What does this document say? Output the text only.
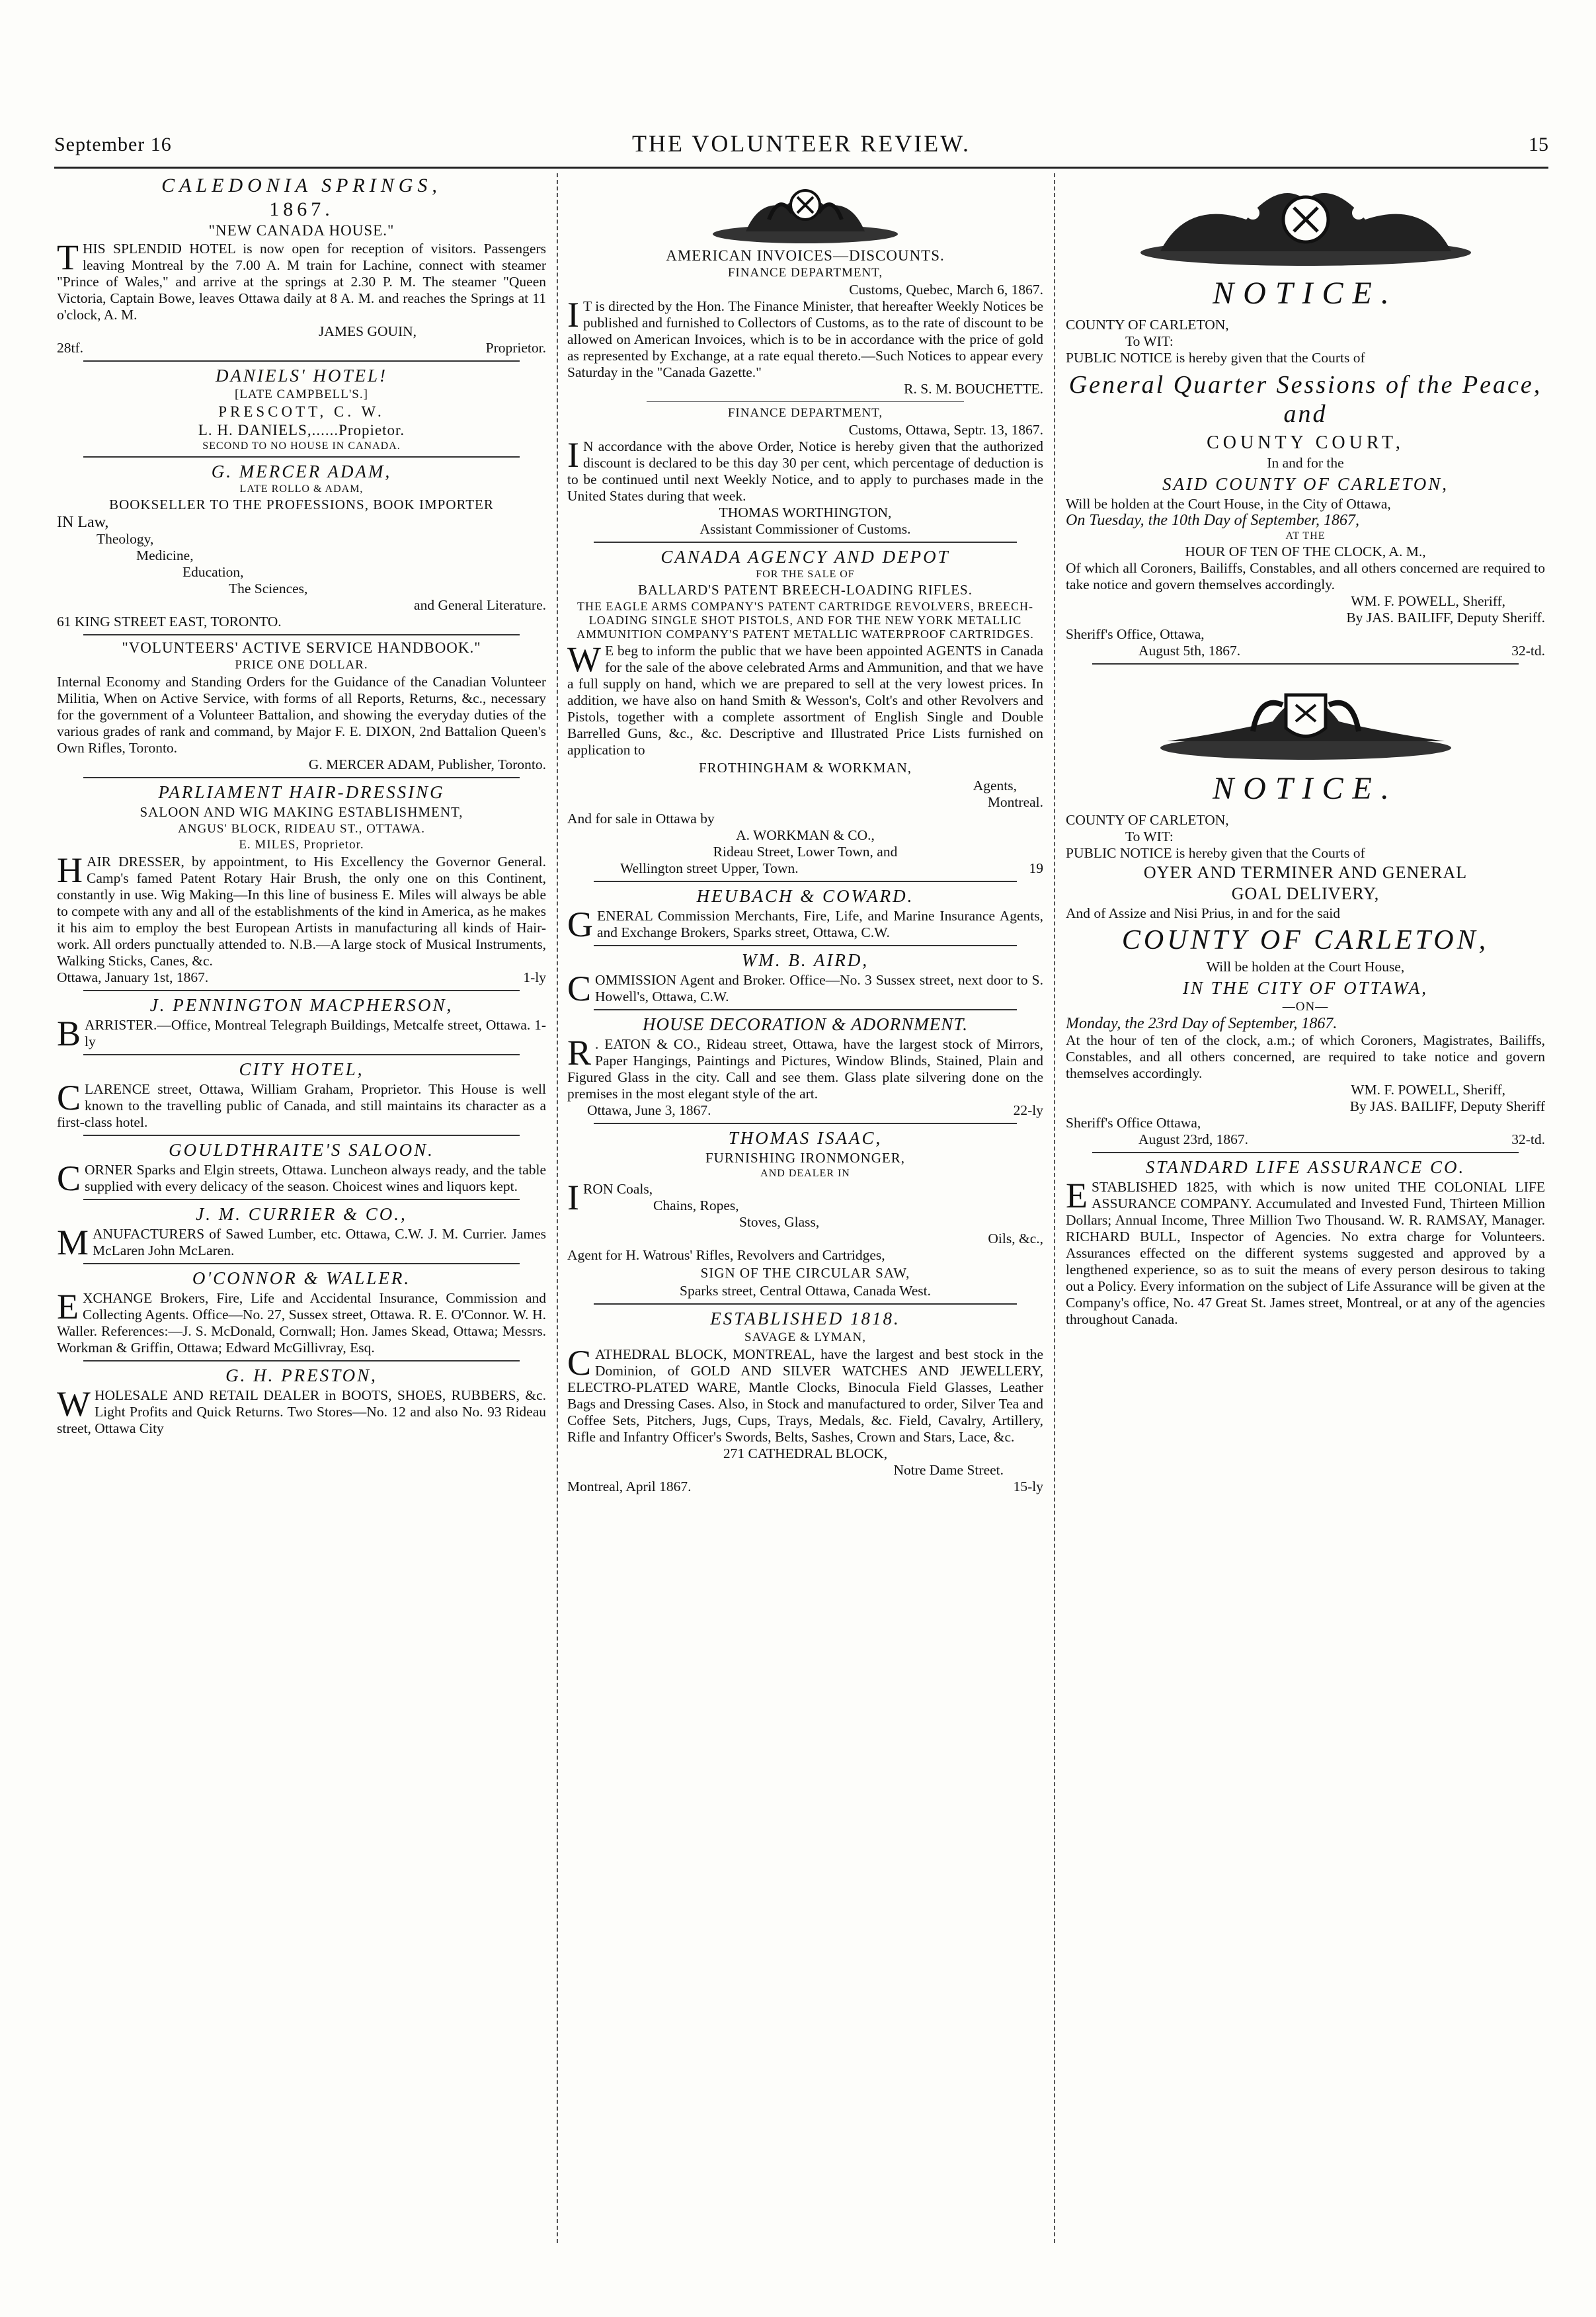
September 16	THE VOLUNTEER REVIEW.	15
CALEDONIA SPRINGS,
1867.
"NEW CANADA HOUSE."

THIS SPLENDID HOTEL is now open for reception of visitors. Passengers leaving Montreal by the 7.00 A. M train for Lachine, connect with steamer "Prince of Wales," and arrive at the springs at 2.30 P. M. The steamer "Queen Victoria, Captain Bowe, leaves Ottawa daily at 8 A. M. and reaches the Springs at 11 o'clock, A. M.

JAMES GOUIN,
28tf.	Proprietor.
DANIELS' HOTEL!
[LATE CAMPBELL'S.]
PRESCOTT, C. W.
L. H. DANIELS,......Propietor.
SECOND TO NO HOUSE IN CANADA.
G. MERCER ADAM,
LATE ROLLO & ADAM,
BOOKSELLER TO THE PROFESSIONS, BOOK IMPORTER
IN Law,
Theology,
Medicine,
Education,
The Sciences,
and General Literature.
61 KING STREET EAST, TORONTO.
"VOLUNTEERS' ACTIVE SERVICE HANDBOOK."
PRICE ONE DOLLAR.

Internal Economy and Standing Orders for the Guidance of the Canadian Volunteer Militia, When on Active Service, with forms of all Reports, Returns, &c., necessary for the government of a Volunteer Battalion, and showing the everyday duties of the various grades of rank and command, by Major F. E. DIXON, 2nd Battalion Queen's Own Rifles, Toronto.

G. MERCER ADAM, Publisher, Toronto.
PARLIAMENT HAIR-DRESSING
SALOON AND WIG MAKING ESTABLISHMENT,
ANGUS' BLOCK, RIDEAU ST., OTTAWA.
E. MILES, Proprietor.

HAIR DRESSER, by appointment, to His Excellency the Governor General. Camp's famed Patent Rotary Hair Brush, the only one on this Continent, constantly in use. Wig Making—In this line of business E. Miles will always be able to compete with any and all of the establishments of the kind in America, as he makes it his aim to employ the best European Artists in manufacturing all kinds of Hair-work. All orders punctually attended to. N.B.—A large stock of Musical Instruments, Walking Sticks, Canes, &c.

Ottawa, January 1st, 1867.	1-ly
J. PENNINGTON MACPHERSON,

BARRISTER.—Office, Montreal Telegraph Buildings, Metcalfe street, Ottawa. 1-ly

CITY HOTEL,

CLARENCE street, Ottawa, William Graham, Proprietor. This House is well known to the travelling public of Canada, and still maintains its character as a first-class hotel.

GOULDTHRAITE'S SALOON.

CORNER Sparks and Elgin streets, Ottawa. Luncheon always ready, and the table supplied with every delicacy of the season. Choicest wines and liquors kept.

J. M. CURRIER & CO.,

MANUFACTURERS of Sawed Lumber, etc. Ottawa, C.W. J. M. Currier. James McLaren John McLaren.

O'CONNOR & WALLER.

EXCHANGE Brokers, Fire, Life and Accidental Insurance, Commission and Collecting Agents. Office—No. 27, Sussex street, Ottawa. R. E. O'Connor. W. H. Waller. References:—J. S. McDonald, Cornwall; Hon. James Skead, Ottawa; Messrs. Workman & Griffin, Ottawa; Edward McGillivray, Esq.

G. H. PRESTON,

WHOLESALE AND RETAIL DEALER in BOOTS, SHOES, RUBBERS, &c. Light Profits and Quick Returns. Two Stores—No. 12 and also No. 93 Rideau street, Ottawa City

AMERICAN INVOICES—DISCOUNTS.
FINANCE DEPARTMENT,
Customs, Quebec, March 6, 1867.

I T is directed by the Hon. The Finance Minister, that hereafter Weekly Notices be published and furnished to Collectors of Customs, as to the rate of discount to be allowed on American Invoices, which is to be in accordance with the price of gold as represented by Exchange, at a rate equal thereto.—Such Notices to appear every Saturday in the "Canada Gazette."

R. S. M. BOUCHETTE.
FINANCE DEPARTMENT,
Customs, Ottawa, Septr. 13, 1867.

I N accordance with the above Order, Notice is hereby given that the authorized discount is declared to be this day 30 per cent, which percentage of deduction is to be continued until next Weekly Notice, and to apply to purchases made in the United States during that week.

THOMAS WORTHINGTON,
Assistant Commissioner of Customs.
CANADA AGENCY AND DEPOT
FOR THE SALE OF
BALLARD'S PATENT BREECH-LOADING RIFLES.
THE EAGLE ARMS COMPANY'S PATENT CARTRIDGE REVOLVERS, BREECH-LOADING SINGLE SHOT PISTOLS, AND FOR THE NEW YORK METALLIC AMMUNITION COMPANY'S PATENT METALLIC WATERPROOF CARTRIDGES.

W E beg to inform the public that we have been appointed AGENTS in Canada for the sale of the above celebrated Arms and Ammunition, and that we have a full supply on hand, which we are prepared to sell at the very lowest prices. In addition, we have also on hand Smith & Wesson's, Colt's and other Revolvers and Pistols, together with a complete assortment of English Single and Double Barrelled Guns, &c., &c. Descriptive and Illustrated Price Lists furnished on application to

FROTHINGHAM & WORKMAN,
Agents,
Montreal.
And for sale in Ottawa by
A. WORKMAN & CO.,
Rideau Street, Lower Town, and
Wellington street Upper, Town.	19
HEUBACH & COWARD.

GENERAL Commission Merchants, Fire, Life, and Marine Insurance Agents, and Exchange Brokers, Sparks street, Ottawa, C.W.

WM. B. AIRD,

COMMISSION Agent and Broker. Office—No. 3 Sussex street, next door to S. Howell's, Ottawa, C.W.

HOUSE DECORATION & ADORNMENT.

R . EATON & CO., Rideau street, Ottawa, have the largest stock of Mirrors, Paper Hangings, Paintings and Pictures, Window Blinds, Stained, Plain and Figured Glass in the city. Call and see them. Glass plate silvering done on the premises in the most elegant style of the art.

Ottawa, June 3, 1867.	22-ly
THOMAS ISAAC,
FURNISHING IRONMONGER,
AND DEALER IN
IRON Coals,
Chains, Ropes,
Stoves, Glass,
Oils, &c.,

Agent for H. Watrous' Rifles, Revolvers and Cartridges,

SIGN OF THE CIRCULAR SAW,
Sparks street, Central Ottawa, Canada West.
ESTABLISHED 1818.
SAVAGE & LYMAN,

CATHEDRAL BLOCK, MONTREAL, have the largest and best stock in the Dominion, of GOLD AND SILVER WATCHES AND JEWELLERY, ELECTRO-PLATED WARE, Mantle Clocks, Binocula Field Glasses, Leather Bags and Dressing Cases. Also, in Stock and manufactured to order, Silver Tea and Coffee Sets, Pitchers, Jugs, Cups, Trays, Medals, &c. Field, Cavalry, Artillery, Rifle and Infantry Officer's Swords, Belts, Sashes, Crown and Stars, Lace, &c.

271 CATHEDRAL BLOCK,
Notre Dame Street.
Montreal, April 1867.	15-ly
NOTICE.
COUNTY OF CARLETON,
To WIT:

PUBLIC NOTICE is hereby given that the Courts of

General Quarter Sessions of the Peace, and
COUNTY COURT,
In and for the
SAID COUNTY OF CARLETON,

Will be holden at the Court House, in the City of Ottawa,

On Tuesday, the 10th Day of September, 1867,

AT THE
HOUR OF TEN OF THE CLOCK, A. M.,

Of which all Coroners, Bailiffs, Constables, and all others concerned are required to take notice and govern themselves accordingly.

WM. F. POWELL, Sheriff,
By JAS. BAILIFF, Deputy Sheriff.
Sheriff's Office, Ottawa,
August 5th, 1867.	32-td.
NOTICE.
COUNTY OF CARLETON,
To WIT:

PUBLIC NOTICE is hereby given that the Courts of

OYER AND TERMINER AND GENERAL
GOAL DELIVERY,

And of Assize and Nisi Prius, in and for the said

COUNTY OF CARLETON,
Will be holden at the Court House,
IN THE CITY OF OTTAWA,
—ON—

Monday, the 23rd Day of September, 1867.

At the hour of ten of the clock, a.m.; of which Coroners, Magistrates, Bailiffs, Constables, and all others concerned, are required to take notice and govern themselves accordingly.

WM. F. POWELL, Sheriff,
By JAS. BAILIFF, Deputy Sheriff
Sheriff's Office Ottawa,
August 23rd, 1867.	32-td.
STANDARD LIFE ASSURANCE CO.

ESTABLISHED 1825, with which is now united THE COLONIAL LIFE ASSURANCE COMPANY. Accumulated and Invested Fund, Thirteen Million Dollars; Annual Income, Three Million Two Thousand. W. R. RAMSAY, Manager. RICHARD BULL, Inspector of Agencies. No extra charge for Volunteers. Assurances effected on the different systems suggested and approved by a lengthened experience, so as to suit the means of every person desirous to taking out a Policy. Every information on the subject of Life Assurance will be given at the Company's office, No. 47 Great St. James street, Montreal, or at any of the agencies throughout Canada.
